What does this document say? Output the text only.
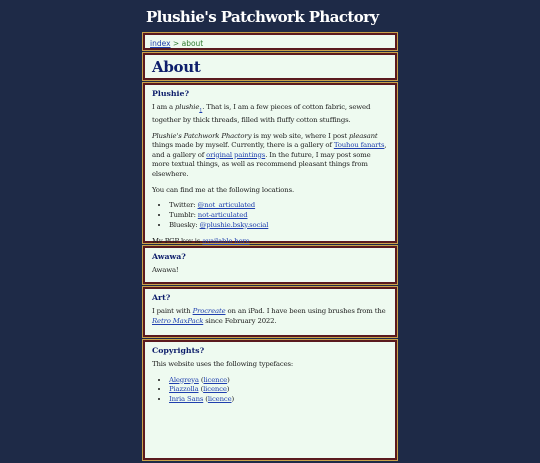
Plushie's Patchwork Phactory
index > about
About
Plushie?

I am a plushie$_1$. That is, I am a few pieces of cotton fabric, sewed together by thick threads, filled with fluffy cotton stuffings.

Plushie's Patchwork Phactory is my web site, where I post pleasant things made by myself. Currently, there is a gallery of Touhou fanarts, and a gallery of original paintings. In the future, I may post some more textual things, as well as recommend pleasant things from elsewhere.

You can find me at the following locations.

• Twitter: @not_articulated
• Tumblr: not-articulated
• Bluesky: @plushie.bsky.social

My PGP key is available here.

Awawa?

Awawa!

Art?

I paint with Procreate on an iPad. I have been using brushes from the Retro MaxPack since February 2022.

Copyrights?

This website uses the following typefaces:

• Alegreya (licence)
• Piazzolla (licence)
• Inria Sans (licence)
